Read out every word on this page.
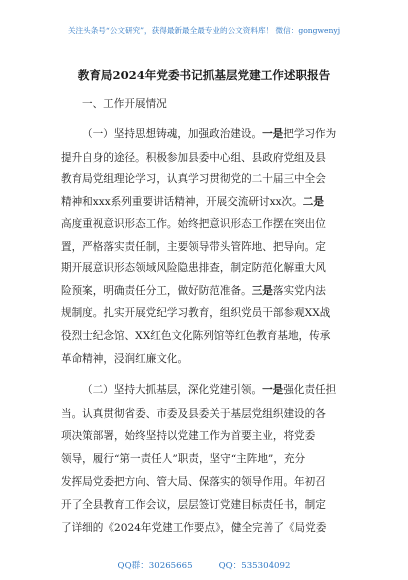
关注头条号“公文研究”，获得最新最全最专业的公文资料库！ 微信：gongwenyj
教育局2024年党委书记抓基层党建工作述职报告
一、工作开展情况
（一）坚持思想铸魂，加强政治建设。一是把学习作为
提升自身的途径。积极参加县委中心组、县政府党组及县
教育局党组理论学习，认真学习贯彻党的二十届三中全会
精神和xxx系列重要讲话精神，开展交流研讨xx次。二是
高度重视意识形态工作。始终把意识形态工作摆在突出位
置，严格落实责任制，主要领导带头管阵地、把导向。定
期开展意识形态领域风险隐患排查，制定防范化解重大风
险预案，明确责任分工，做好防范准备。三是落实党内法
规制度。扎实开展党纪学习教育，组织党员干部参观XX战
役烈士纪念馆、XX红色文化陈列馆等红色教育基地，传承
革命精神，浸润红廉文化。
（二）坚持大抓基层，深化党建引领。一是强化责任担
当。认真贯彻省委、市委及县委关于基层党组织建设的各
项决策部署，始终坚持以党建工作为首要主业，将党委
领导，履行“第一责任人”职责，坚守“主阵地”，充分
发挥局党委把方向、管大局、保落实的领导作用。年初召
开了全县教育工作会议，层层签订党建目标责任书，制定
了详细的《2024年党建工作要点》，健全完善了《局党委
QQ群：30265665	QQ：535304092
